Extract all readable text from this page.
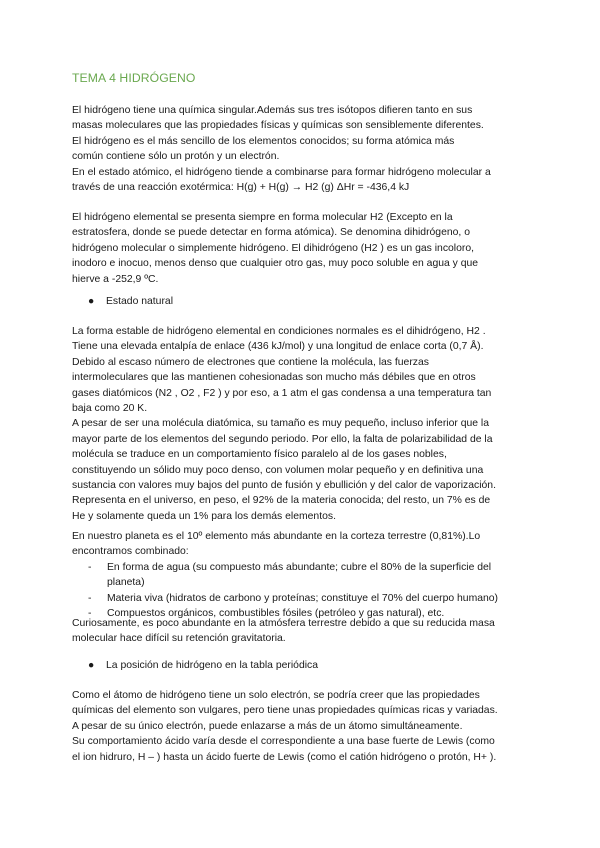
TEMA 4 HIDRÓGENO

El hidrógeno tiene una química singular.Además sus tres isótopos difieren tanto en sus

masas moleculares que las propiedades físicas y químicas son sensiblemente diferentes.

El hidrógeno es el más sencillo de los elementos conocidos; su forma atómica más

común contiene sólo un protón y un electrón.

En el estado atómico, el hidrógeno tiende a combinarse para formar hidrógeno molecular a

través de una reacción exotérmica: H(g) + H(g) → H2 (g) ΔHr = -436,4 kJ

El hidrógeno elemental se presenta siempre en forma molecular H2 (Excepto en la

estratosfera, donde se puede detectar en forma atómica). Se denomina dihidrógeno, o

hidrógeno molecular o simplemente hidrógeno. El dihidrógeno (H2 ) es un gas incoloro,

inodoro e inocuo, menos denso que cualquier otro gas, muy poco soluble en agua y que

hierve a -252,9 ºC.

● Estado natural

La forma estable de hidrógeno elemental en condiciones normales es el dihidrógeno, H2 .

Tiene una elevada entalpía de enlace (436 kJ/mol) y una longitud de enlace corta (0,7 Å).

Debido al escaso número de electrones que contiene la molécula, las fuerzas

intermoleculares que las mantienen cohesionadas son mucho más débiles que en otros

gases diatómicos (N2 , O2 , F2 ) y por eso, a 1 atm el gas condensa a una temperatura tan

baja como 20 K.

A pesar de ser una molécula diatómica, su tamaño es muy pequeño, incluso inferior que la

mayor parte de los elementos del segundo periodo. Por ello, la falta de polarizabilidad de la

molécula se traduce en un comportamiento físico paralelo al de los gases nobles,

constituyendo un sólido muy poco denso, con volumen molar pequeño y en definitiva una

sustancia con valores muy bajos del punto de fusión y ebullición y del calor de vaporización.

Representa en el universo, en peso, el 92% de la materia conocida; del resto, un 7% es de

He y solamente queda un 1% para los demás elementos.

En nuestro planeta es el 10º elemento más abundante en la corteza terrestre (0,81%).Lo

encontramos combinado:

- En forma de agua (su compuesto más abundante; cubre el 80% de la superficie del

planeta)

- Materia viva (hidratos de carbono y proteínas; constituye el 70% del cuerpo humano)

- Compuestos orgánicos, combustibles fósiles (petróleo y gas natural), etc.

Curiosamente, es poco abundante en la atmósfera terrestre debido a que su reducida masa

molecular hace difícil su retención gravitatoria.

● La posición de hidrógeno en la tabla periódica

Como el átomo de hidrógeno tiene un solo electrón, se podría creer que las propiedades

químicas del elemento son vulgares, pero tiene unas propiedades químicas ricas y variadas.

A pesar de su único electrón, puede enlazarse a más de un átomo simultáneamente.

Su comportamiento ácido varía desde el correspondiente a una base fuerte de Lewis (como

el ion hidruro, H – ) hasta un ácido fuerte de Lewis (como el catión hidrógeno o protón, H+ ).
